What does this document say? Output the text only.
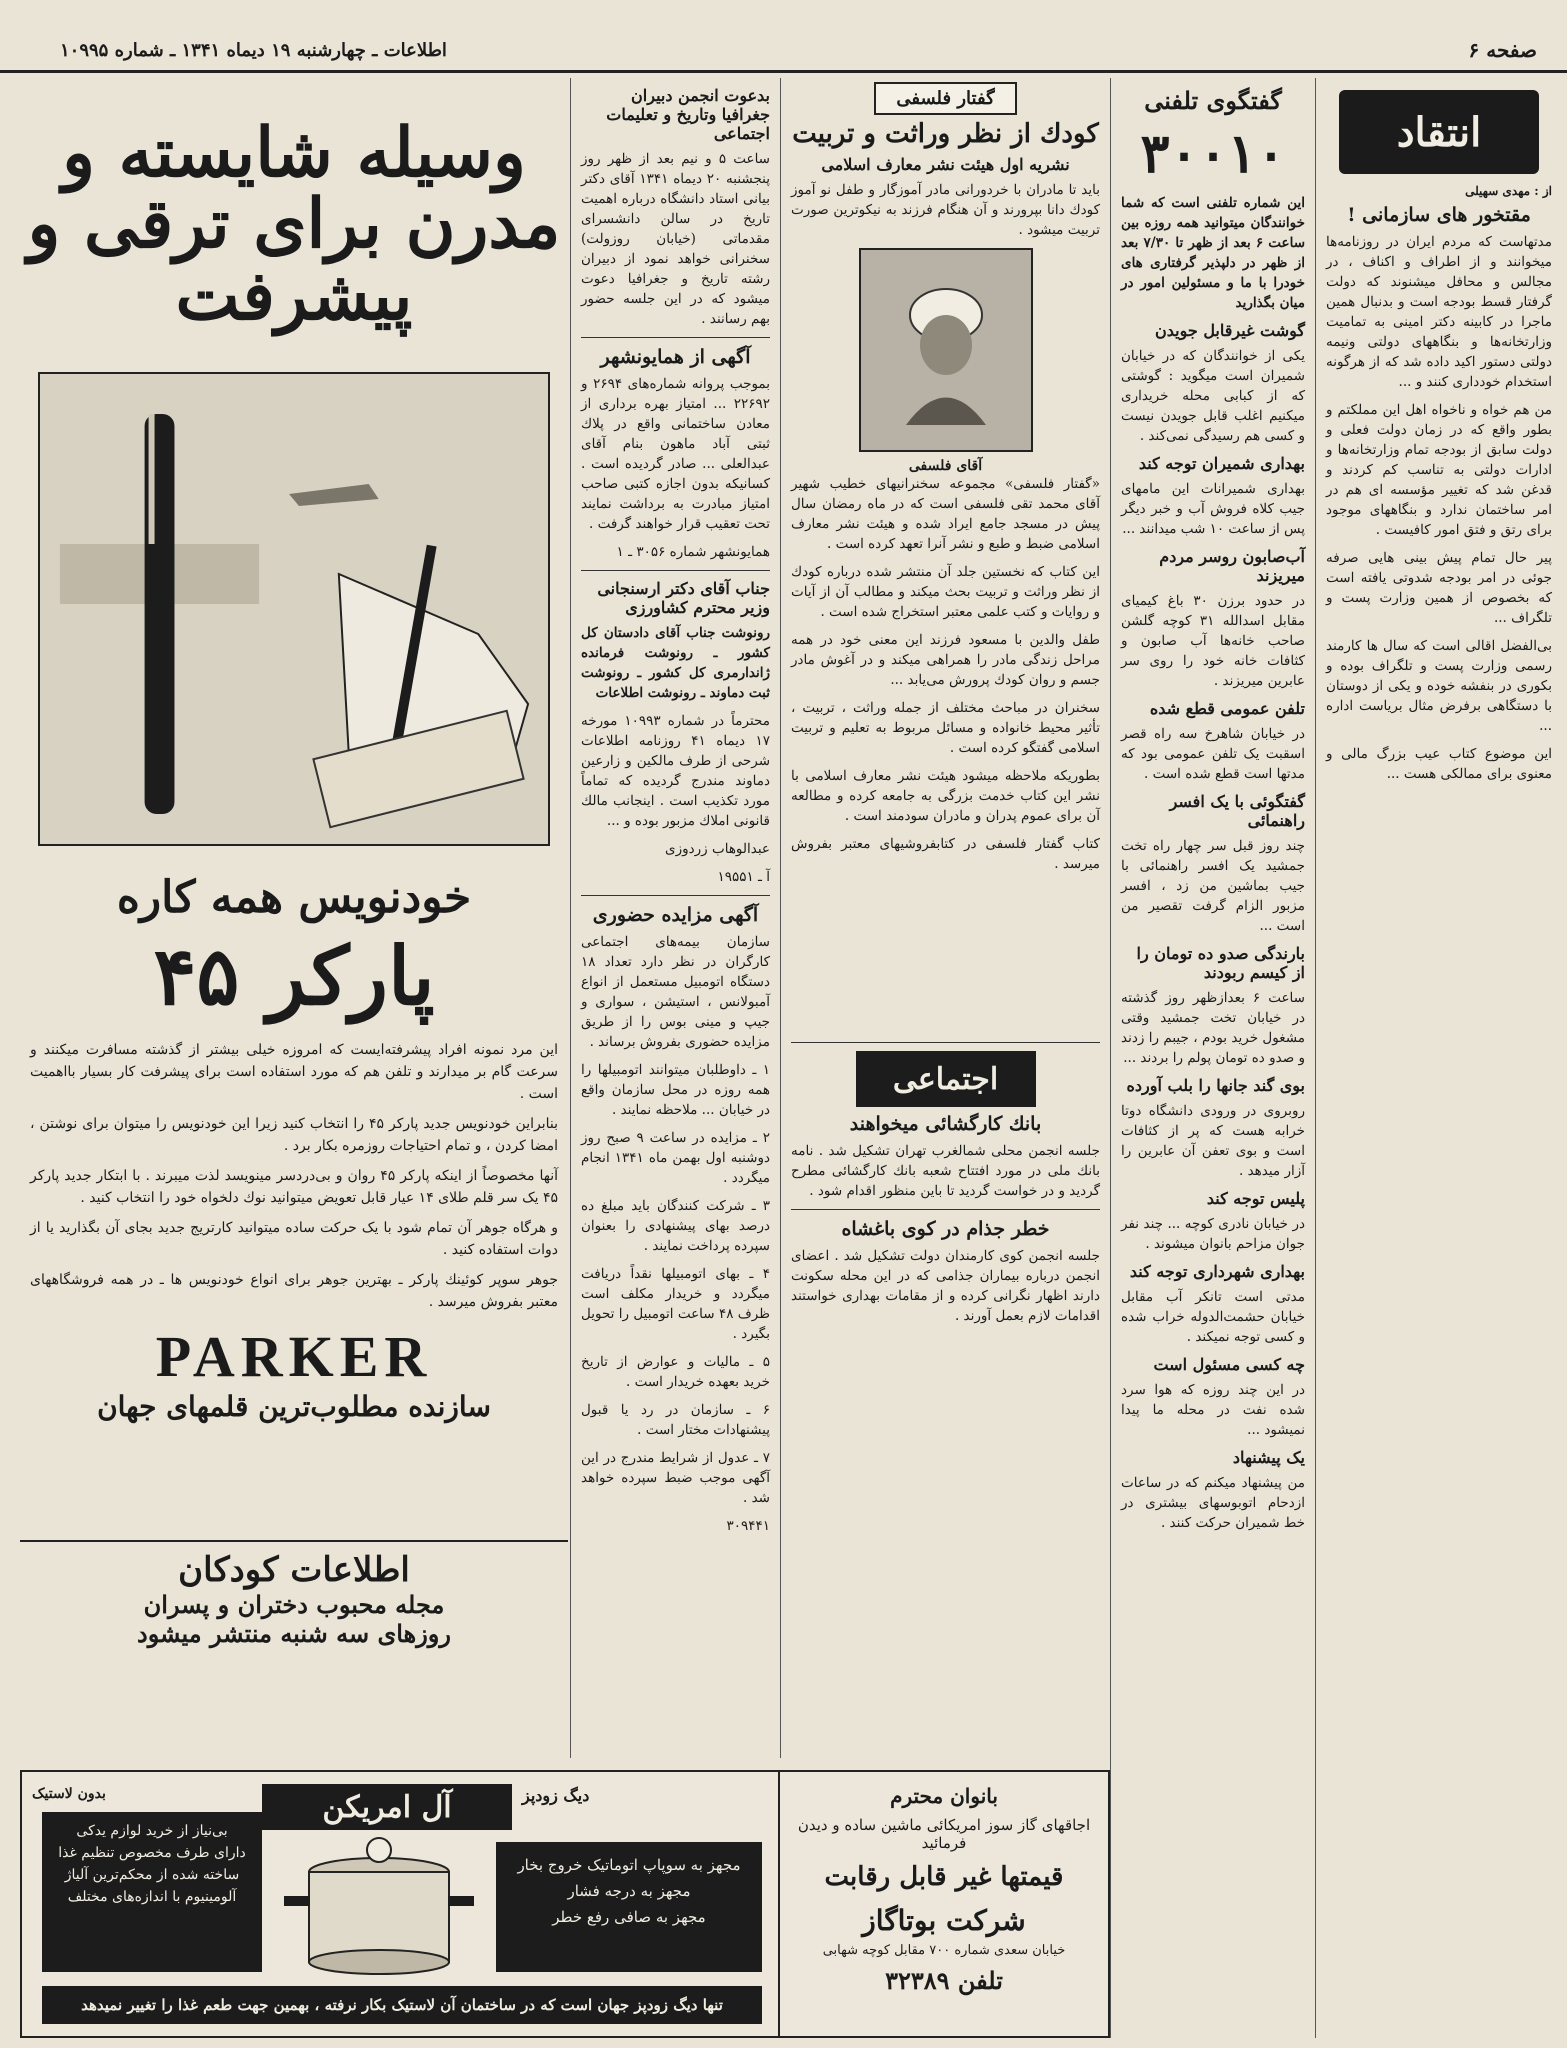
صفحه ۶
اطلاعات ـ چهارشنبه ۱۹ دیماه ۱۳۴۱ ـ شماره ۱۰۹۹۵
انتقاد
از : مهدی سهیلی
مقتخور های سازمانی !

مدتهاست که مردم ایران در روزنامه‌ها میخوانند و از اطراف و اکناف ، در مجالس و محافل میشنوند که دولت گرفتار قسط بودجه است و بدنبال همین ماجرا در کابینه دکتر امینی به تمامیت وزارتخانه‌ها و بنگاههای دولتی ونیمه دولتی دستور اکید داده شد که از هرگونه استخدام خودداری کنند و ...

من هم خواه و ناخواه اهل این مملکتم و بطور واقع که در زمان دولت فعلی و دولت سابق از بودجه تمام وزارتخانه‌ها و ادارات دولتی به تناسب کم کردند و قدغن شد که تغییر مؤسسه ای هم در امر ساختمان ندارد و بنگاههای موجود برای رتق و فتق امور کافیست .

پیر حال تمام پیش بینی هایی صرفه جوئی در امر بودجه شدوتی یافته است که بخصوص از همین وزارت پست و تلگراف ...

بی‌الفضل اقالی است که سال ها کارمند رسمی وزارت پست و تلگراف بوده و بکوری در بنفشه خوده و یکی از دوستان با دستگاهی برفرض مثال بریاست اداره ...

این موضوع کتاب عیب بزرگ مالی و معنوی برای ممالکی هست ...

گفتگوی تلفنی
۳۰۰۱۰

این شماره تلفنی است که شما خوانندگان میتوانید همه روزه بین ساعت ۶ بعد از ظهر تا ۷/۳۰ بعد از ظهر در دلپذیر گرفتاری های خودرا با ما و مسئولین امور در میان بگذارید

گوشت غیرقابل جویدن

یکی از خوانندگان که در خیابان شمیران است میگوید : گوشتی که از کبابی محله خریداری میکنیم اغلب قابل جویدن نیست و کسی هم رسیدگی نمی‌کند .

بهداری شمیران توجه کند

بهداری شمیرانات این مامهای جیب کلاه فروش آب و خبر دیگر پس از ساعت ۱۰ شب میدانند ...

آب‌صابون روسر مردم میریزند

در حدود برزن ۳۰ باغ کیمیای مقابل اسدالله ۳۱ کوچه گلشن صاحب خانه‌ها آب صابون و کثافات خانه خود را روی سر عابرین میریزند .

تلفن عمومی قطع شده

در خیابان شاهرخ سه راه قصر اسقبت یک تلفن عمومی بود که مدتها است قطع شده است .

گفتگوئی با یک افسر راهنمائی

چند روز قبل سر چهار راه تخت جمشید یک افسر راهنمائی با جیب بماشین من زد ، افسر مزبور الزام گرفت تقصیر من است ...

بارندگی صدو ده تومان را از کیسم ربودند

ساعت ۶ بعدازظهر روز گذشته در خیابان تخت جمشید وقتی مشغول خرید بودم ، جیبم را زدند و صدو ده تومان پولم را بردند ...

بوی گند جانها را بلب آورده

روبروی در ورودی دانشگاه دوتا خرابه هست که پر از کثافات است و بوی تعفن آن عابرین را آزار میدهد .

پلیس توجه کند

در خیابان نادری کوچه ... چند نفر جوان مزاحم بانوان میشوند .

بهداری شهرداری توجه کند

مدتی است تانکر آب مقابل خیابان حشمت‌الدوله خراب شده و کسی توجه نمیکند .

چه کسی مسئول است

در این چند روزه که هوا سرد شده نفت در محله ما پیدا نمیشود ...

یک پیشنهاد

من پیشنهاد میکنم که در ساعات ازدحام اتوبوسهای بیشتری در خط شمیران حرکت کنند .

گفتار فلسفی
کودك از نظر وراثت و تربیت
نشریه اول هیئت نشر معارف اسلامی

بايد تا مادران با خردورانی مادر آموزگار و طفل نو آموز کودك دانا بپرورند و آن هنگام فرزند به نیکوترین صورت تربیت میشود .

آقای فلسفی

«گفتار فلسفی» مجموعه سخنرانیهای خطیب شهیر آقای محمد تقی فلسفی است که در ماه رمضان سال پیش در مسجد جامع ایراد شده و هیئت نشر معارف اسلامی ضبط و طبع و نشر آنرا تعهد کرده است .

این کتاب که نخستین جلد آن منتشر شده درباره کودك از نظر وراثت و تربیت بحث میکند و مطالب آن از آیات و روایات و کتب علمی معتبر استخراج شده است .

طفل والدین با مسعود فرزند این معنی خود در همه مراحل زندگی مادر را همراهی میکند و در آغوش مادر جسم و روان کودك پرورش می‌یابد ...

سخنران در مباحث مختلف از جمله وراثت ، تربیت ، تأثیر محیط خانواده و مسائل مربوط به تعلیم و تربیت اسلامی گفتگو کرده است .

بطوریکه ملاحظه میشود هیئت نشر معارف اسلامی با نشر این کتاب خدمت بزرگی به جامعه کرده و مطالعه آن برای عموم پدران و مادران سودمند است .

کتاب گفتار فلسفی در کتابفروشیهای معتبر بفروش میرسد .

اجتماعی
بانك کارگشائی میخواهند

جلسه انجمن محلی شمالغرب تهران تشکیل شد . نامه بانك ملی در مورد افتتاح شعبه بانك کارگشائی مطرح گردید و در خواست گردید تا باین منظور اقدام شود .

خطر جذام در کوی باغشاه

جلسه انجمن کوی کارمندان دولت تشکیل شد . اعضای انجمن درباره بیماران جذامی که در این محله سکونت دارند اظهار نگرانی کرده و از مقامات بهداری خواستند اقدامات لازم بعمل آورند .

بدعوت انجمن دبیران جغرافیا وتاریخ و تعلیمات اجتماعی

ساعت ۵ و نیم بعد از ظهر روز پنجشنبه ۲۰ دیماه ۱۳۴۱ آقای دکتر بیانی استاد دانشگاه درباره اهمیت تاریخ در سالن دانشسرای مقدماتی (خیابان روزولت) سخنرانی خواهد نمود از دبیران رشته تاریخ و جغرافیا دعوت میشود که در این جلسه حضور بهم رسانند .

آگهی از همایونشهر

بموجب پروانه شماره‌های ۲۶۹۴ و ۲۲۶۹۲ ... امتیاز بهره برداری از معادن ساختمانی واقع در پلاك ثبتی آباد ماهون بنام آقای عبدالعلی ... صادر گردیده است . کسانیکه بدون اجازه کتبی صاحب امتیاز مبادرت به برداشت نمایند تحت تعقیب قرار خواهند گرفت .

همایونشهر شماره ۳۰۵۶ ـ ۱

جناب آقای دکتر ارسنجانی وزیر محترم کشاورزی

رونوشت جناب آقای دادستان کل کشور ـ رونوشت فرمانده ژاندارمری کل کشور ـ رونوشت ثبت دماوند ـ رونوشت اطلاعات

محترماً در شماره ۱۰۹۹۳ مورخه ۱۷ دیماه ۴۱ روزنامه اطلاعات شرحی از طرف مالکین و زارعین دماوند مندرج گردیده که تماماً مورد تکذیب است . اینجانب مالك قانونی املاك مزبور بوده و ...

عبدالوهاب زردوزی

آ ـ ۱۹۵۵۱

آگهی مزایده حضوری

سازمان بیمه‌های اجتماعی کارگران در نظر دارد تعداد ۱۸ دستگاه اتومبیل مستعمل از انواع آمبولانس ، استیشن ، سواری و جیپ و مینی بوس را از طریق مزایده حضوری بفروش برساند .

۱ ـ داوطلبان میتوانند اتومبیلها را همه روزه در محل سازمان واقع در خیابان ... ملاحظه نمایند .

۲ ـ مزایده در ساعت ۹ صبح روز دوشنبه اول بهمن ماه ۱۳۴۱ انجام میگردد .

۳ ـ شرکت کنندگان باید مبلغ ده درصد بهای پیشنهادی را بعنوان سپرده پرداخت نمایند .

۴ ـ بهای اتومبیلها نقداً دریافت میگردد و خریدار مکلف است ظرف ۴۸ ساعت اتومبیل را تحویل بگیرد .

۵ ـ مالیات و عوارض از تاریخ خرید بعهده خریدار است .

۶ ـ سازمان در رد یا قبول پیشنهادات مختار است .

۷ ـ عدول از شرایط مندرج در این آگهی موجب ضبط سپرده خواهد شد .

۳۰۹۴۴۱

وسیله شایسته و مدرن برای ترقی و پیشرفت
خودنویس همه کاره
پارکر ۴۵

این مرد نمونه افراد پیشرفته‌ایست که امروزه خیلی بیشتر از گذشته مسافرت میکنند و سرعت گام بر میدارند و تلفن هم که مورد استفاده است برای پیشرفت کار بسیار بااهمیت است .

بنابراین خودنویس جدید پارکر ۴۵ را انتخاب کنید زیرا این خودنویس را میتوان برای نوشتن ، امضا کردن ، و تمام احتیاجات روزمره بکار برد .

آنها مخصوصاً از اینکه پارکر ۴۵ روان و بی‌دردسر مینویسد لذت میبرند . با ابتکار جدید پارکر ۴۵ یک سر قلم طلای ۱۴ عیار قابل تعویض میتوانید نوك دلخواه خود را انتخاب کنید .

و هرگاه جوهر آن تمام شود با یک حرکت ساده میتوانید کارتریج جدید بجای آن بگذارید یا از دوات استفاده کنید .

جوهر سوپر کوئینك پارکر ـ بهترین جوهر برای انواع خودنویس ها ـ در همه فروشگاههای معتبر بفروش میرسد .

PARKER
سازنده مطلوب‌ترین قلمهای جهان
اطلاعات کودکان
مجله محبوب دختران و پسران
روزهای سه شنبه منتشر میشود
بانوان محترم
اجاقهای گاز سوز امریکائی ماشین ساده و دیدن فرمائید
قیمتها غیر قابل رقابت
شرکت بوتاگاز
خیابان سعدی شماره ۷۰۰ مقابل کوچه شهابی
تلفن ۳۲۳۸۹
آل امریکن
بدون لاستیک	دیگ زودپز
بی‌نیاز از خرید لوازم یدکی
دارای طرف مخصوص تنظیم غذا
ساخته شده از محکم‌ترین آلیاژ آلومینیوم با اندازه‌های مختلف
مجهز به سوپاپ اتوماتیک خروج بخار
مجهز به درجه فشار
مجهز به صافی رفع خطر
تنها دیگ زودپز جهان است که در ساختمان آن لاستیک بکار نرفته ، بهمین جهت طعم غذا را تغییر نمیدهد
